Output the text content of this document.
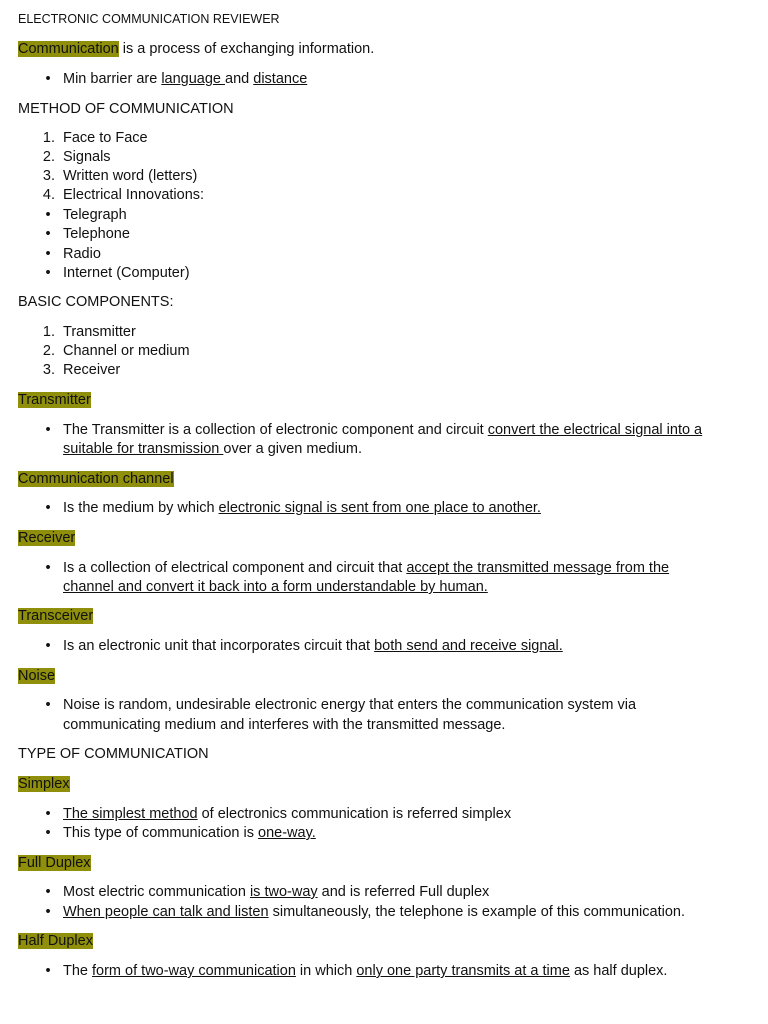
ELECTRONIC COMMUNICATION REVIEWER
Communication is a process of exchanging information.
• Min barrier are language and distance
METHOD OF COMMUNICATION
1. Face to Face
2. Signals
3. Written word (letters)
4. Electrical Innovations:
• Telegraph
• Telephone
• Radio
• Internet (Computer)
BASIC COMPONENTS:
1. Transmitter
2. Channel or medium
3. Receiver
Transmitter
• The Transmitter is a collection of electronic component and circuit convert the electrical signal into a
suitable for transmission over a given medium.
Communication channel
• Is the medium by which electronic signal is sent from one place to another.
Receiver
• Is a collection of electrical component and circuit that accept the transmitted message from the
channel and convert it back into a form understandable by human.
Transceiver
• Is an electronic unit that incorporates circuit that both send and receive signal.
Noise
• Noise is random, undesirable electronic energy that enters the communication system via
communicating medium and interferes with the transmitted message.
TYPE OF COMMUNICATION
Simplex
• The simplest method of electronics communication is referred simplex
• This type of communication is one-way.
Full Duplex
• Most electric communication is two-way and is referred Full duplex
• When people can talk and listen simultaneously, the telephone is example of this communication.
Half Duplex
• The form of two-way communication in which only one party transmits at a time as half duplex.
